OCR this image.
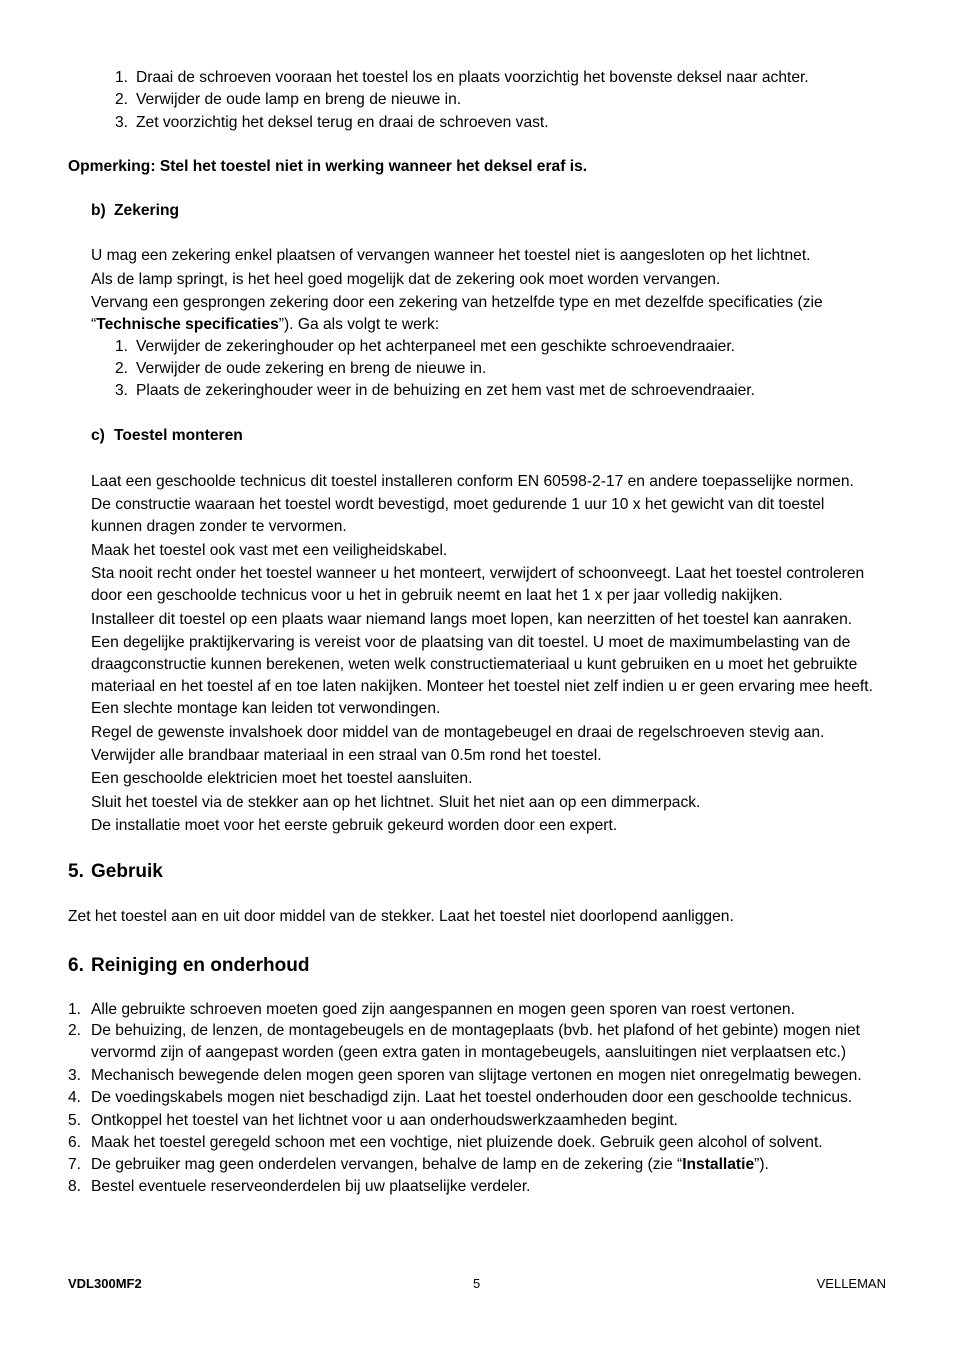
1. Draai de schroeven vooraan het toestel los en plaats voorzichtig het bovenste deksel naar achter.
2. Verwijder de oude lamp en breng de nieuwe in.
3. Zet voorzichtig het deksel terug en draai de schroeven vast.
Opmerking: Stel het toestel niet in werking wanneer het deksel eraf is.
b) Zekering
U mag een zekering enkel plaatsen of vervangen wanneer het toestel niet is aangesloten op het lichtnet.
Als de lamp springt, is het heel goed mogelijk dat de zekering ook moet worden vervangen.
Vervang een gesprongen zekering door een zekering van hetzelfde type en met dezelfde specificaties (zie
“Technische specificaties”). Ga als volgt te werk:
1. Verwijder de zekeringhouder op het achterpaneel met een geschikte schroevendraaier.
2. Verwijder de oude zekering en breng de nieuwe in.
3. Plaats de zekeringhouder weer in de behuizing en zet hem vast met de schroevendraaier.
c) Toestel monteren
Laat een geschoolde technicus dit toestel installeren conform EN 60598-2-17 en andere toepasselijke normen.
De constructie waaraan het toestel wordt bevestigd, moet gedurende 1 uur 10 x het gewicht van dit toestel
kunnen dragen zonder te vervormen.
Maak het toestel ook vast met een veiligheidskabel.
Sta nooit recht onder het toestel wanneer u het monteert, verwijdert of schoonveegt. Laat het toestel controleren
door een geschoolde technicus voor u het in gebruik neemt en laat het 1 x per jaar volledig nakijken.
Installeer dit toestel op een plaats waar niemand langs moet lopen, kan neerzitten of het toestel kan aanraken.
Een degelijke praktijkervaring is vereist voor de plaatsing van dit toestel. U moet de maximumbelasting van de
draagconstructie kunnen berekenen, weten welk constructiemateriaal u kunt gebruiken en u moet het gebruikte
materiaal en het toestel af en toe laten nakijken. Monteer het toestel niet zelf indien u er geen ervaring mee heeft.
Een slechte montage kan leiden tot verwondingen.
Regel de gewenste invalshoek door middel van de montagebeugel en draai de regelschroeven stevig aan.
Verwijder alle brandbaar materiaal in een straal van 0.5m rond het toestel.
Een geschoolde elektricien moet het toestel aansluiten.
Sluit het toestel via de stekker aan op het lichtnet. Sluit het niet aan op een dimmerpack.
De installatie moet voor het eerste gebruik gekeurd worden door een expert.
5. Gebruik
Zet het toestel aan en uit door middel van de stekker. Laat het toestel niet doorlopend aanliggen.
6. Reiniging en onderhoud
1. Alle gebruikte schroeven moeten goed zijn aangespannen en mogen geen sporen van roest vertonen.
2. De behuizing, de lenzen, de montagebeugels en de montageplaats (bvb. het plafond of het gebinte) mogen niet
vervormd zijn of aangepast worden (geen extra gaten in montagebeugels, aansluitingen niet verplaatsen etc.)
3. Mechanisch bewegende delen mogen geen sporen van slijtage vertonen en mogen niet onregelmatig bewegen.
4. De voedingskabels mogen niet beschadigd zijn. Laat het toestel onderhouden door een geschoolde technicus.
5. Ontkoppel het toestel van het lichtnet voor u aan onderhoudswerkzaamheden begint.
6. Maak het toestel geregeld schoon met een vochtige, niet pluizende doek. Gebruik geen alcohol of solvent.
7. De gebruiker mag geen onderdelen vervangen, behalve de lamp en de zekering (zie “Installatie”).
8. Bestel eventuele reserveonderdelen bij uw plaatselijke verdeler.
VDL300MF2	5	VELLEMAN
